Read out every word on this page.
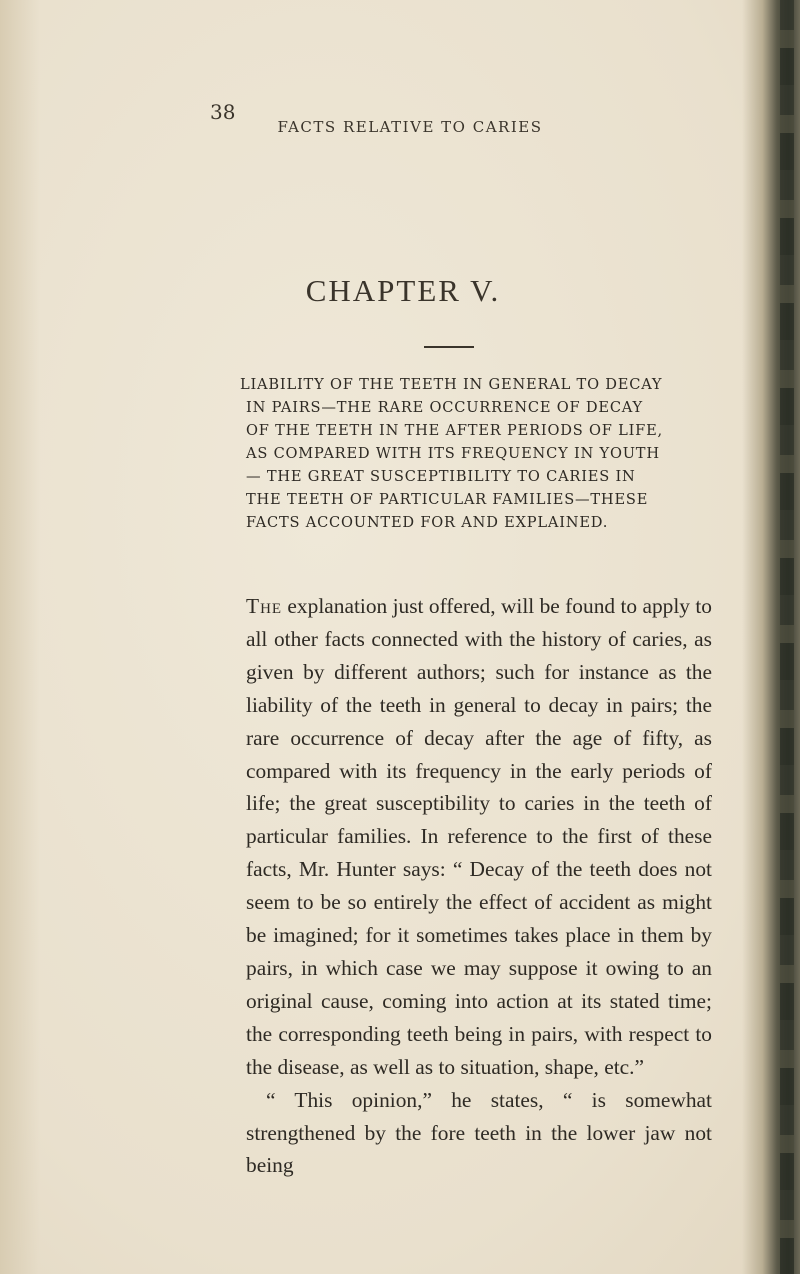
38
FACTS RELATIVE TO CARIES
CHAPTER V.
LIABILITY OF THE TEETH IN GENERAL TO DECAY
IN PAIRS—THE RARE OCCURRENCE OF DECAY
OF THE TEETH IN THE AFTER PERIODS OF LIFE,
AS COMPARED WITH ITS FREQUENCY IN YOUTH
— THE GREAT SUSCEPTIBILITY TO CARIES IN
THE TEETH OF PARTICULAR FAMILIES—THESE
FACTS ACCOUNTED FOR AND EXPLAINED.

The explanation just offered, will be found to apply to all other facts connected with the history of caries, as given by different authors; such for instance as the liability of the teeth in general to decay in pairs; the rare occurrence of decay after the age of fifty, as compared with its frequency in the early periods of life; the great susceptibility to caries in the teeth of particular families. In reference to the first of these facts, Mr. Hunter says: “ Decay of the teeth does not seem to be so entirely the effect of accident as might be imagined; for it sometimes takes place in them by pairs, in which case we may suppose it owing to an original cause, coming into action at its stated time; the corresponding teeth being in pairs, with respect to the disease, as well as to situation, shape, etc.”

“ This opinion,” he states, “ is somewhat strengthened by the fore teeth in the lower jaw not being
